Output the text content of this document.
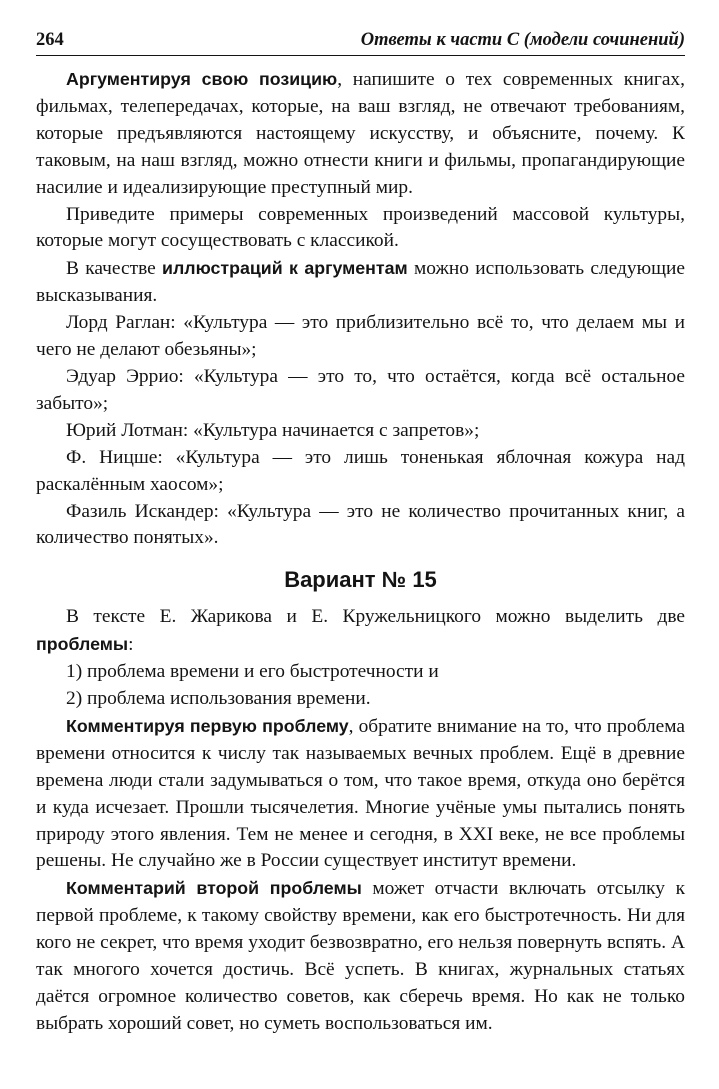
264	Ответы к части С (модели сочинений)

Аргументируя свою позицию, напишите о тех современных книгах, фильмах, телепередачах, которые, на ваш взгляд, не отвечают требованиям, которые предъявляются настоящему искусству, и объясните, почему. К таковым, на наш взгляд, можно отнести книги и фильмы, пропагандирующие насилие и идеализирующие преступный мир.

Приведите примеры современных произведений массовой культуры, которые могут сосуществовать с классикой.

В качестве иллюстраций к аргументам можно использовать следующие высказывания.

Лорд Раглан: «Культура — это приблизительно всё то, что делаем мы и чего не делают обезьяны»;

Эдуар Эррио: «Культура — это то, что остаётся, когда всё остальное забыто»;

Юрий Лотман: «Культура начинается с запретов»;

Ф. Ницше: «Культура — это лишь тоненькая яблочная кожура над раскалённым хаосом»;

Фазиль Искандер: «Культура — это не количество прочитанных книг, а количество понятых».

Вариант № 15

В тексте Е. Жарикова и Е. Кружельницкого можно выделить две проблемы:

1) проблема времени и его быстротечности и

2) проблема использования времени.

Комментируя первую проблему, обратите внимание на то, что проблема времени относится к числу так называемых вечных проблем. Ещё в древние времена люди стали задумываться о том, что такое время, откуда оно берётся и куда исчезает. Прошли тысячелетия. Многие учёные умы пытались понять природу этого явления. Тем не менее и сегодня, в XXI веке, не все проблемы решены. Не случайно же в России существует институт времени.

Комментарий второй проблемы может отчасти включать отсылку к первой проблеме, к такому свойству времени, как его быстротечность. Ни для кого не секрет, что время уходит безвозвратно, его нельзя повернуть вспять. А так многого хочется достичь. Всё успеть. В книгах, журнальных статьях даётся огромное количество советов, как сберечь время. Но как не только выбрать хороший совет, но суметь воспользоваться им.
